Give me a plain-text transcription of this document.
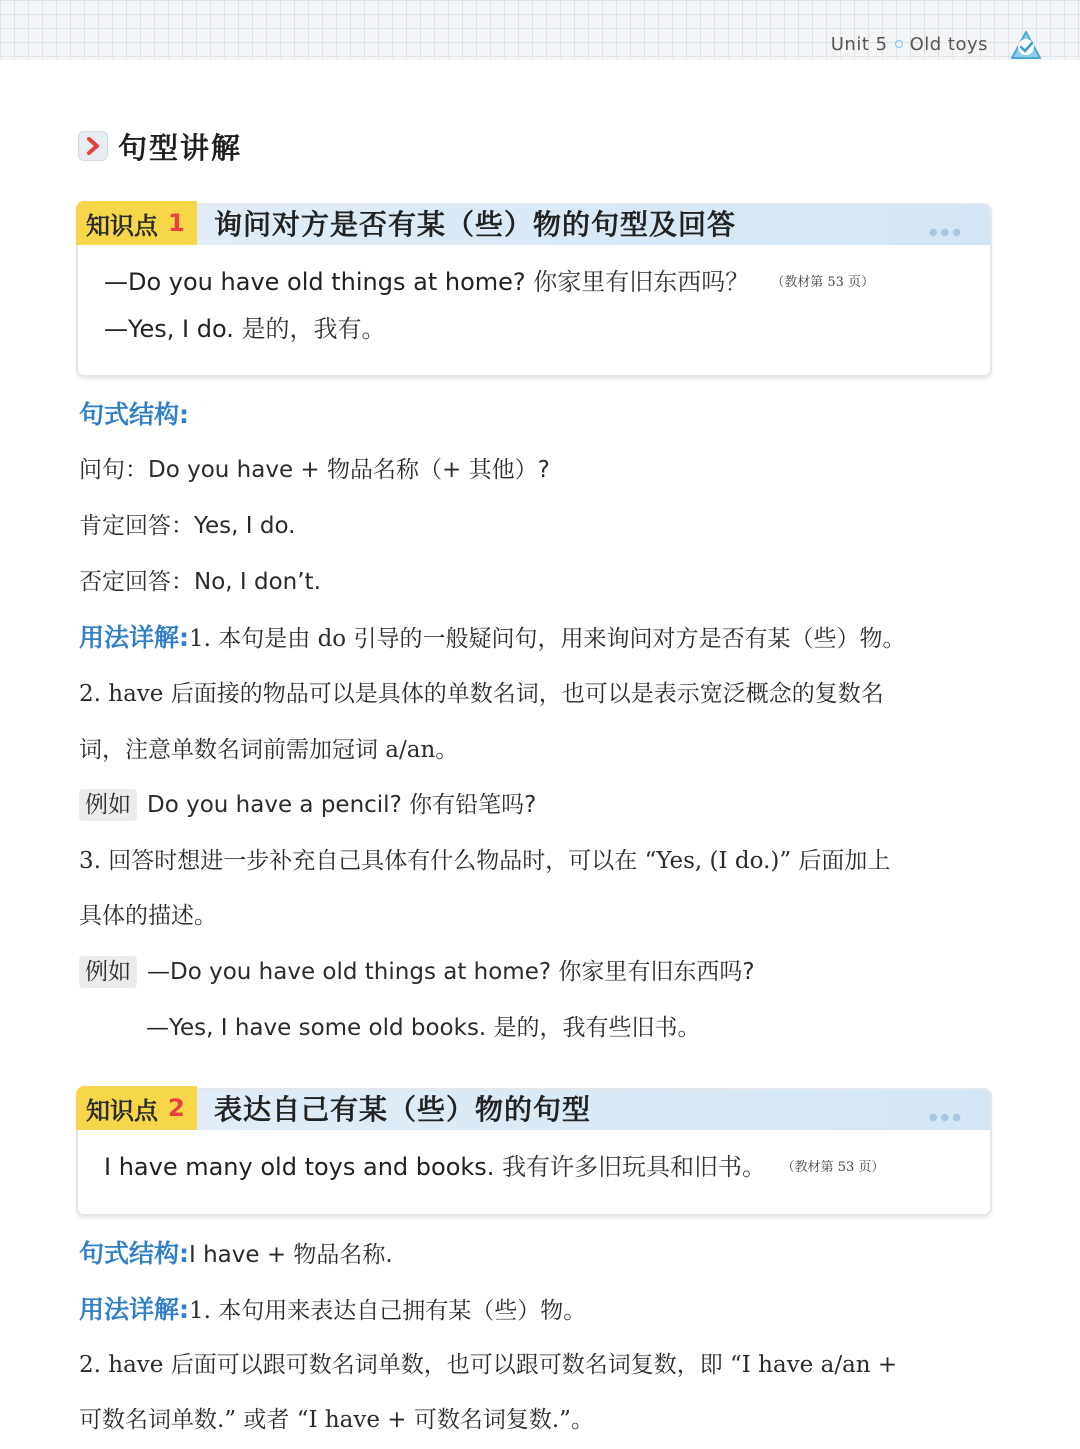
Unit 5 Old toys
句型讲解
知识点 1 询问对方是否有某（些）物的句型及回答	●●●
—Do you have old things at home? 你家里有旧东西吗？ （教材第 53 页）
—Yes, I do. 是的，我有。
句式结构:
问句：Do you have + 物品名称（+ 其他）?
肯定回答：Yes, I do.
否定回答：No, I don’t.
用法详解:1. 本句是由 do 引导的一般疑问句，用来询问对方是否有某（些）物。
2. have 后面接的物品可以是具体的单数名词，也可以是表示宽泛概念的复数名
词，注意单数名词前需加冠词 a/an。
例如 Do you have a pencil? 你有铅笔吗?
3. 回答时想进一步补充自己具体有什么物品时，可以在 “Yes, (I do.)” 后面加上
具体的描述。
例如 —Do you have old things at home? 你家里有旧东西吗?
—Yes, I have some old books. 是的，我有些旧书。
知识点 2 表达自己有某（些）物的句型	●●●
I have many old toys and books. 我有许多旧玩具和旧书。 （教材第 53 页）
句式结构:I have + 物品名称.
用法详解:1. 本句用来表达自己拥有某（些）物。
2. have 后面可以跟可数名词单数，也可以跟可数名词复数，即 “I have a/an +
可数名词单数.” 或者 “I have + 可数名词复数.”。
